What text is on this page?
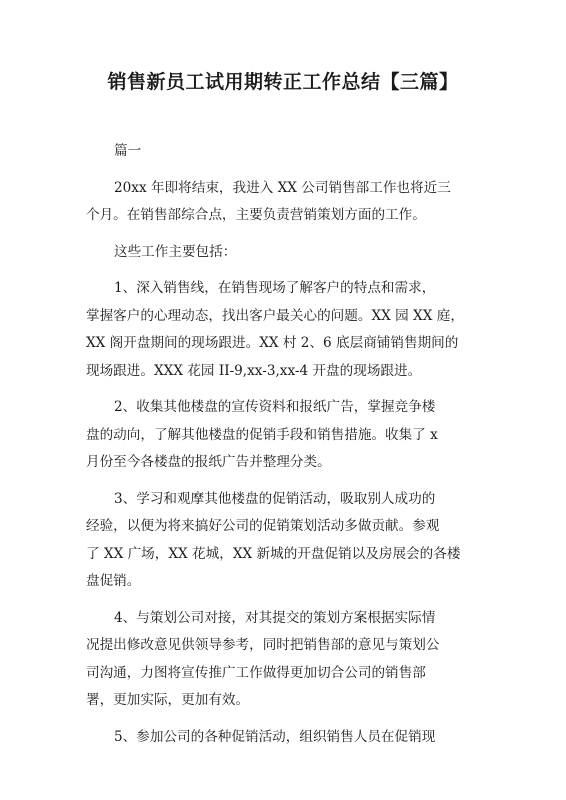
销售新员工试用期转正工作总结【三篇】
篇一
20xx 年即将结束，我进入 XX 公司销售部工作也将近三
个月。在销售部综合点，主要负责营销策划方面的工作。
这些工作主要包括：
1、深入销售线，在销售现场了解客户的特点和需求，
掌握客户的心理动态，找出客户最关心的问题。XX 园 XX 庭，
XX 阁开盘期间的现场跟进。XX 村 2、6 底层商铺销售期间的
现场跟进。XXX 花园 II-9,xx-3,xx-4 开盘的现场跟进。
2、收集其他楼盘的宣传资料和报纸广告，掌握竞争楼
盘的动向，了解其他楼盘的促销手段和销售措施。收集了 x
月份至今各楼盘的报纸广告并整理分类。
3、学习和观摩其他楼盘的促销活动，吸取别人成功的
经验，以便为将来搞好公司的促销策划活动多做贡献。参观
了 XX 广场，XX 花城，XX 新城的开盘促销以及房展会的各楼
盘促销。
4、与策划公司对接，对其提交的策划方案根据实际情
况提出修改意见供领导参考，同时把销售部的意见与策划公
司沟通，力图将宣传推广工作做得更加切合公司的销售部
署，更加实际，更加有效。
5、参加公司的各种促销活动，组织销售人员在促销现
